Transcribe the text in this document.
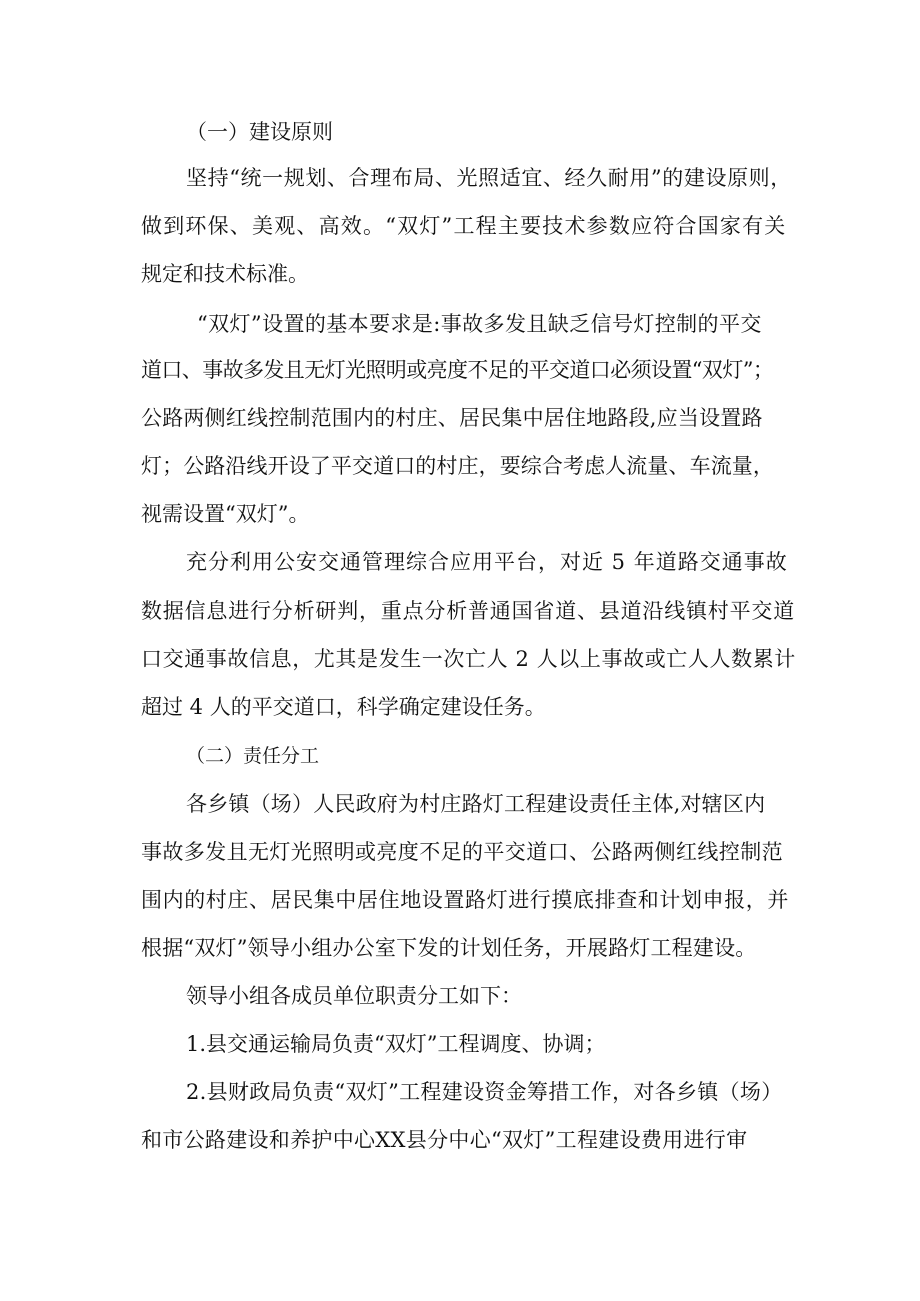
（一）建设原则
坚持“统一规划、合理布局、光照适宜、经久耐用”的建设原则，
做到环保、美观、高效。“双灯”工程主要技术参数应符合国家有关
规定和技术标准。
“双灯”设置的基本要求是:事故多发且缺乏信号灯控制的平交
道口、事故多发且无灯光照明或亮度不足的平交道口必须设置“双灯”；
公路两侧红线控制范围内的村庄、居民集中居住地路段,应当设置路
灯；公路沿线开设了平交道口的村庄，要综合考虑人流量、车流量，
视需设置“双灯”。
充分利用公安交通管理综合应用平台，对近 5 年道路交通事故
数据信息进行分析研判，重点分析普通国省道、县道沿线镇村平交道
口交通事故信息，尤其是发生一次亡人 2 人以上事故或亡人人数累计
超过 4 人的平交道口，科学确定建设任务。
（二）责任分工
各乡镇（场）人民政府为村庄路灯工程建设责任主体,对辖区内
事故多发且无灯光照明或亮度不足的平交道口、公路两侧红线控制范
围内的村庄、居民集中居住地设置路灯进行摸底排查和计划申报，并
根据“双灯”领导小组办公室下发的计划任务，开展路灯工程建设。
领导小组各成员单位职责分工如下：
1.县交通运输局负责“双灯”工程调度、协调；
2.县财政局负责“双灯”工程建设资金筹措工作，对各乡镇（场）
和市公路建设和养护中心XX县分中心“双灯”工程建设费用进行审
